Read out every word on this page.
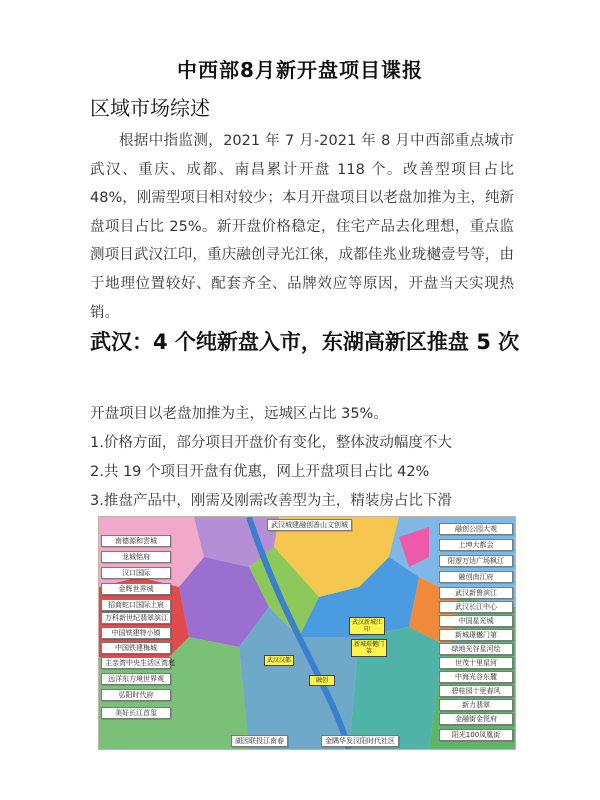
中西部8月新开盘项目谍报
区域市场综述
根据中指监测，2021 年 7 月-2021 年 8 月中西部重点城市武汉、重庆、成都、南昌累计开盘 118 个。改善型项目占比 48%，刚需型项目相对较少；本月开盘项目以老盘加推为主，纯新盘项目占比 25%。新开盘价格稳定，住宅产品去化理想，重点监测项目武汉江印，重庆融创寻光江徕，成都佳兆业珑樾壹号等，由于地理位置较好、配套齐全、品牌效应等原因，开盘当天实现热销。
武汉：4 个纯新盘入市，东湖高新区推盘 5 次
开盘项目以老盘加推为主，远城区占比 35%。
1.价格方面，部分项目开盘价有变化，整体波动幅度不大
2.共 19 个项目开盘有优惠，网上开盘项目占比 42%
3.推盘产品中，刚需及刚需改善型为主，精装房占比下滑
武汉城建融创善山文创城
南德源和雲城
龙城铭府
汉口国际
金辉世界城
招商蛇口国际上宸
万科新世纪翡翠滨江
中国铁建特小镇
中国铁建梅城
主亲湾中央生活区湾庭
远洋东方境世界观
弘阳时代府
美好长江首玺
融创公园大观
上坤大都会
阳逻万达广场枫江
融创南江府
武汉新鲁滨江
武汉长江中心
中国星光城
新城璟樾门第
绿地光谷星河绘
世茂十里星河
中海光谷东麓
碧桂园十里春风
新力翡翠
金融街金悦府
阳光100凤凰街
湖因联投江南春	金隅华发汉阳时代社区
武汉新城江印
新城璟樾门第
武汉汉都
融创
